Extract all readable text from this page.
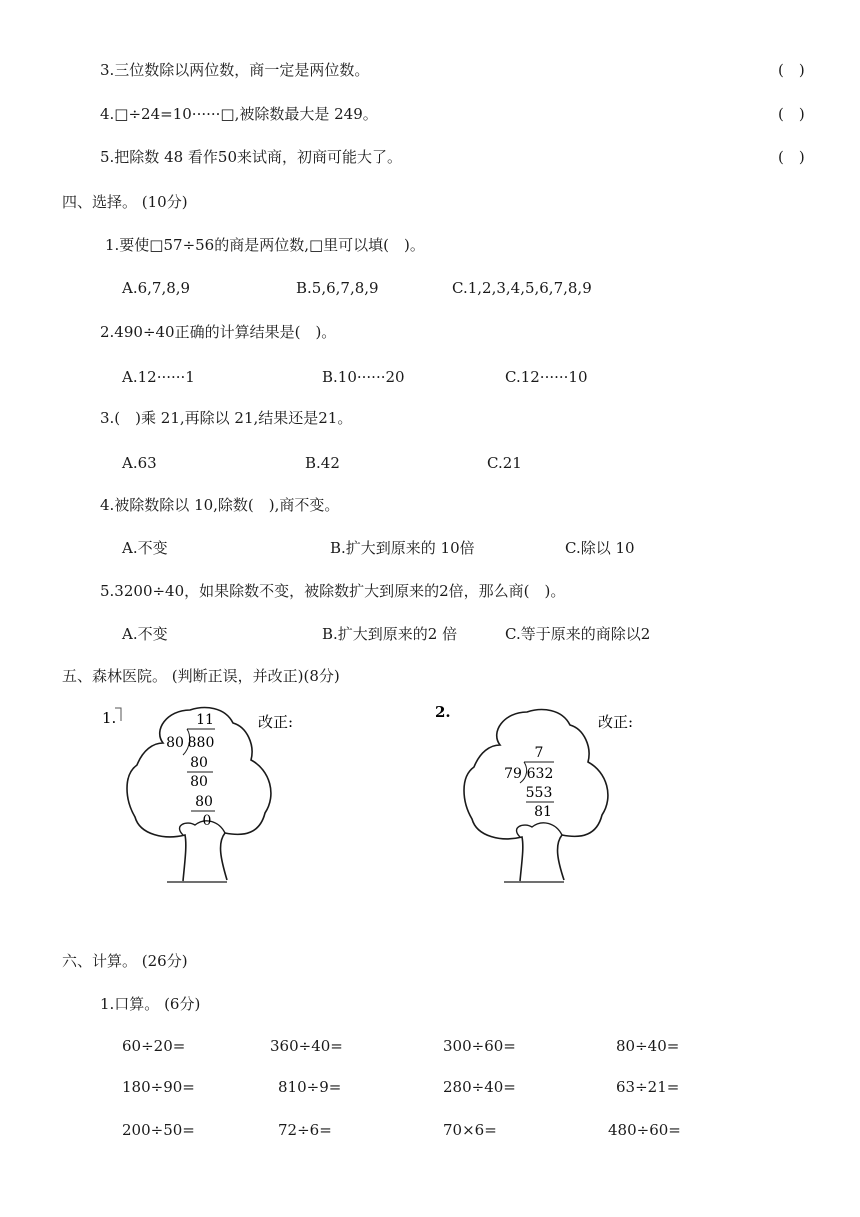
3.三位数除以两位数，商一定是两位数。	(　)
4.□÷24=10······□,被除数最大是 249。	(　)
5.把除数 48 看作50来试商，初商可能大了。	(　)
四、选择。 (10分)
1.要使□57÷56的商是两位数,□里可以填(　)。
A.6,7,8,9	B.5,6,7,8,9	C.1,2,3,4,5,6,7,8,9
2.490÷40正确的计算结果是(　)。
A.12······1	B.10······20	C.12······10
3.(　)乘 21,再除以 21,结果还是21。
A.63	B.42	C.21
4.被除数除以 10,除数(　),商不变。
A.不变	B.扩大到原来的 10倍	C.除以 10
5.3200÷40，如果除数不变，被除数扩大到原来的2倍，那么商(　)。
A.不变	B.扩大到原来的2 倍	C.等于原来的商除以2
五、森林医院。 (判断正误，并改正)(8分)
1.	11
80 880
80
80
80
0
改正:
2.
7
79 632
553
81
改正:
六、计算。 (26分)
1.口算。 (6分)
60÷20=	360÷40=	300÷60=	80÷40=
180÷90=	810÷9=	280÷40=	63÷21=
200÷50=	72÷6=	70×6=	480÷60=
